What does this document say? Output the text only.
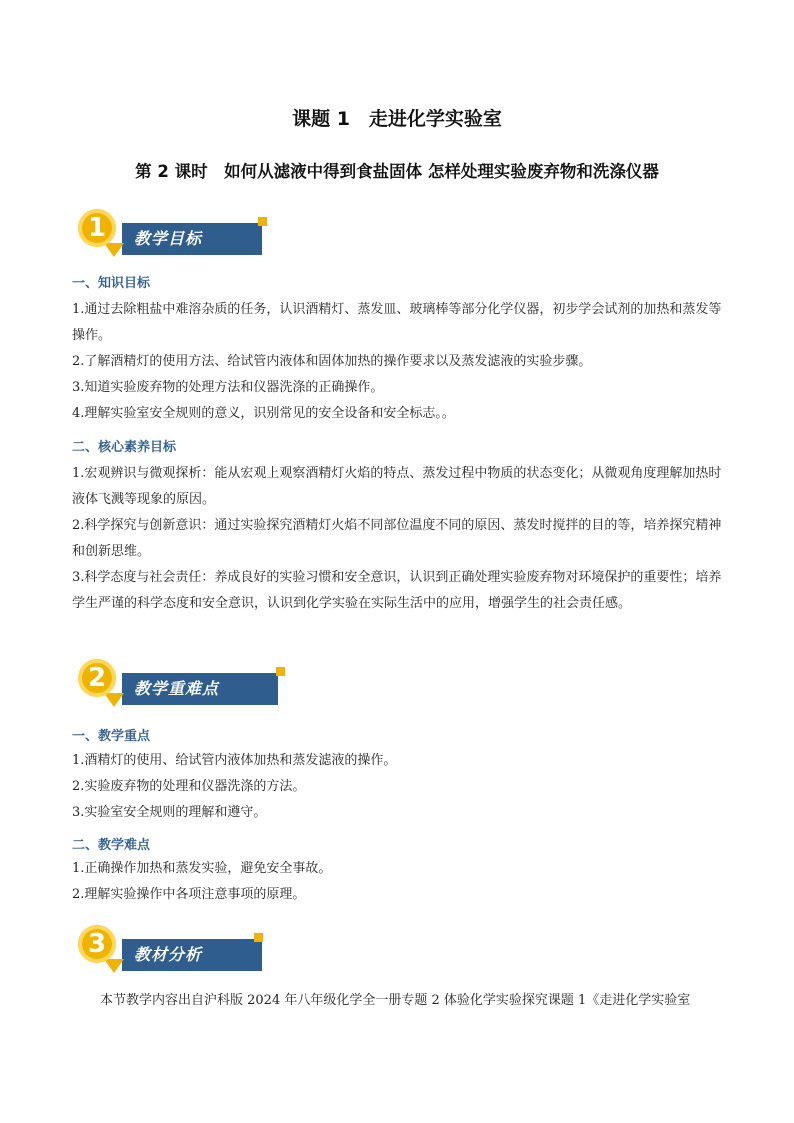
课题 1　走进化学实验室
第 2 课时　如何从滤液中得到食盐固体 怎样处理实验废弃物和洗涤仪器
1	教学目标
一、知识目标
1.通过去除粗盐中难溶杂质的任务，认识酒精灯、蒸发皿、玻璃棒等部分化学仪器，初步学会试剂的加热和蒸发等操作。
2.了解酒精灯的使用方法、给试管内液体和固体加热的操作要求以及蒸发滤液的实验步骤。
3.知道实验废弃物的处理方法和仪器洗涤的正确操作。
4.理解实验室安全规则的意义，识别常见的安全设备和安全标志。。
二、核心素养目标
1.宏观辨识与微观探析：能从宏观上观察酒精灯火焰的特点、蒸发过程中物质的状态变化；从微观角度理解加热时液体飞溅等现象的原因。
2.科学探究与创新意识：通过实验探究酒精灯火焰不同部位温度不同的原因、蒸发时搅拌的目的等，培养探究精神和创新思维。
3.科学态度与社会责任：养成良好的实验习惯和安全意识，认识到正确处理实验废弃物对环境保护的重要性；培养学生严谨的科学态度和安全意识，认识到化学实验在实际生活中的应用，增强学生的社会责任感。
2	教学重难点
一、教学重点
1.酒精灯的使用、给试管内液体加热和蒸发滤液的操作。
2.实验废弃物的处理和仪器洗涤的方法。
3.实验室安全规则的理解和遵守。
二、教学难点
1.正确操作加热和蒸发实验，避免安全事故。
2.理解实验操作中各项注意事项的原理。
3	教材分析
本节教学内容出自沪科版 2024 年八年级化学全一册专题 2 体验化学实验探究课题 1《走进化学实验室
